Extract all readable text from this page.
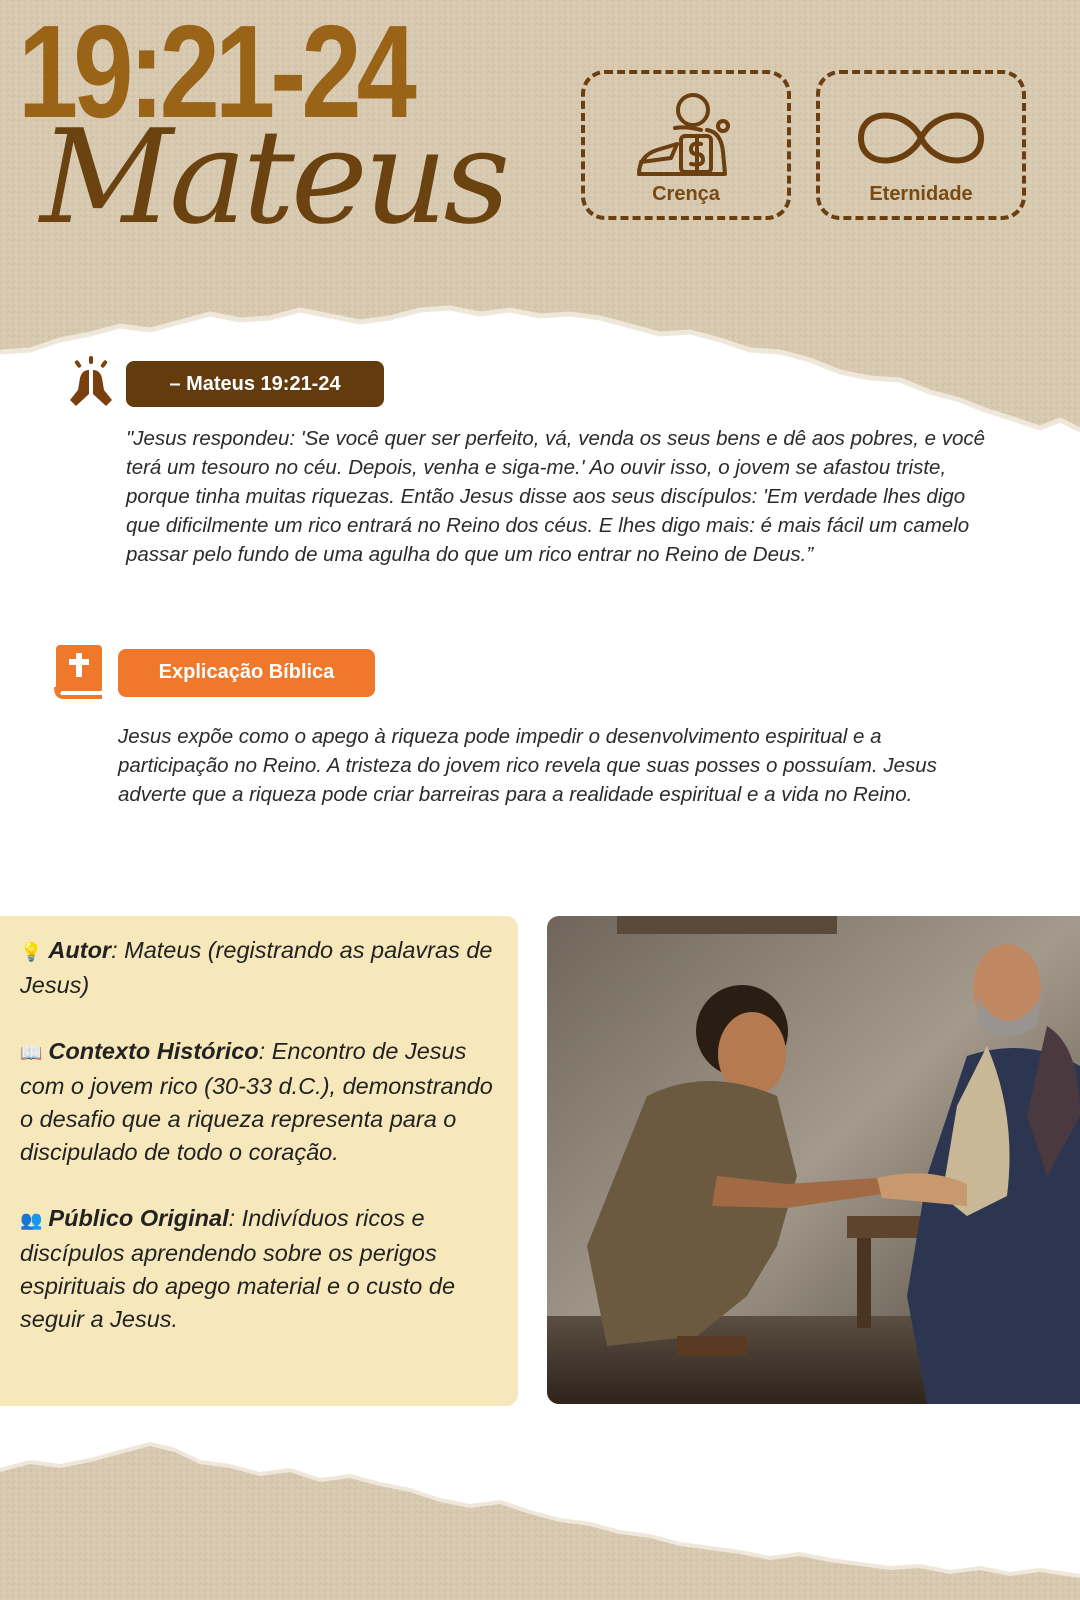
19:21-24
Mateus	Crença	Eternidade
– Mateus 19:21-24

"Jesus respondeu: 'Se você quer ser perfeito, vá, venda os seus bens e dê aos pobres, e você terá um tesouro no céu. Depois, venha e siga-me.' Ao ouvir isso, o jovem se afastou triste, porque tinha muitas riquezas. Então Jesus disse aos seus discípulos: 'Em verdade lhes digo que dificilmente um rico entrará no Reino dos céus. E lhes digo mais: é mais fácil um camelo passar pelo fundo de uma agulha do que um rico entrar no Reino de Deus.”

Explicação Bíblica

Jesus expõe como o apego à riqueza pode impedir o desenvolvimento espiritual e a participação no Reino. A tristeza do jovem rico revela que suas posses o possuíam. Jesus adverte que a riqueza pode criar barreiras para a realidade espiritual e a vida no Reino.

💡 Autor: Mateus (registrando as palavras de Jesus)

📖 Contexto Histórico: Encontro de Jesus com o jovem rico (30-33 d.C.), demonstrando o desafio que a riqueza representa para o discipulado de todo o coração.

👥 Público Original: Indivíduos ricos e discípulos aprendendo sobre os perigos espirituais do apego material e o custo de seguir a Jesus.
